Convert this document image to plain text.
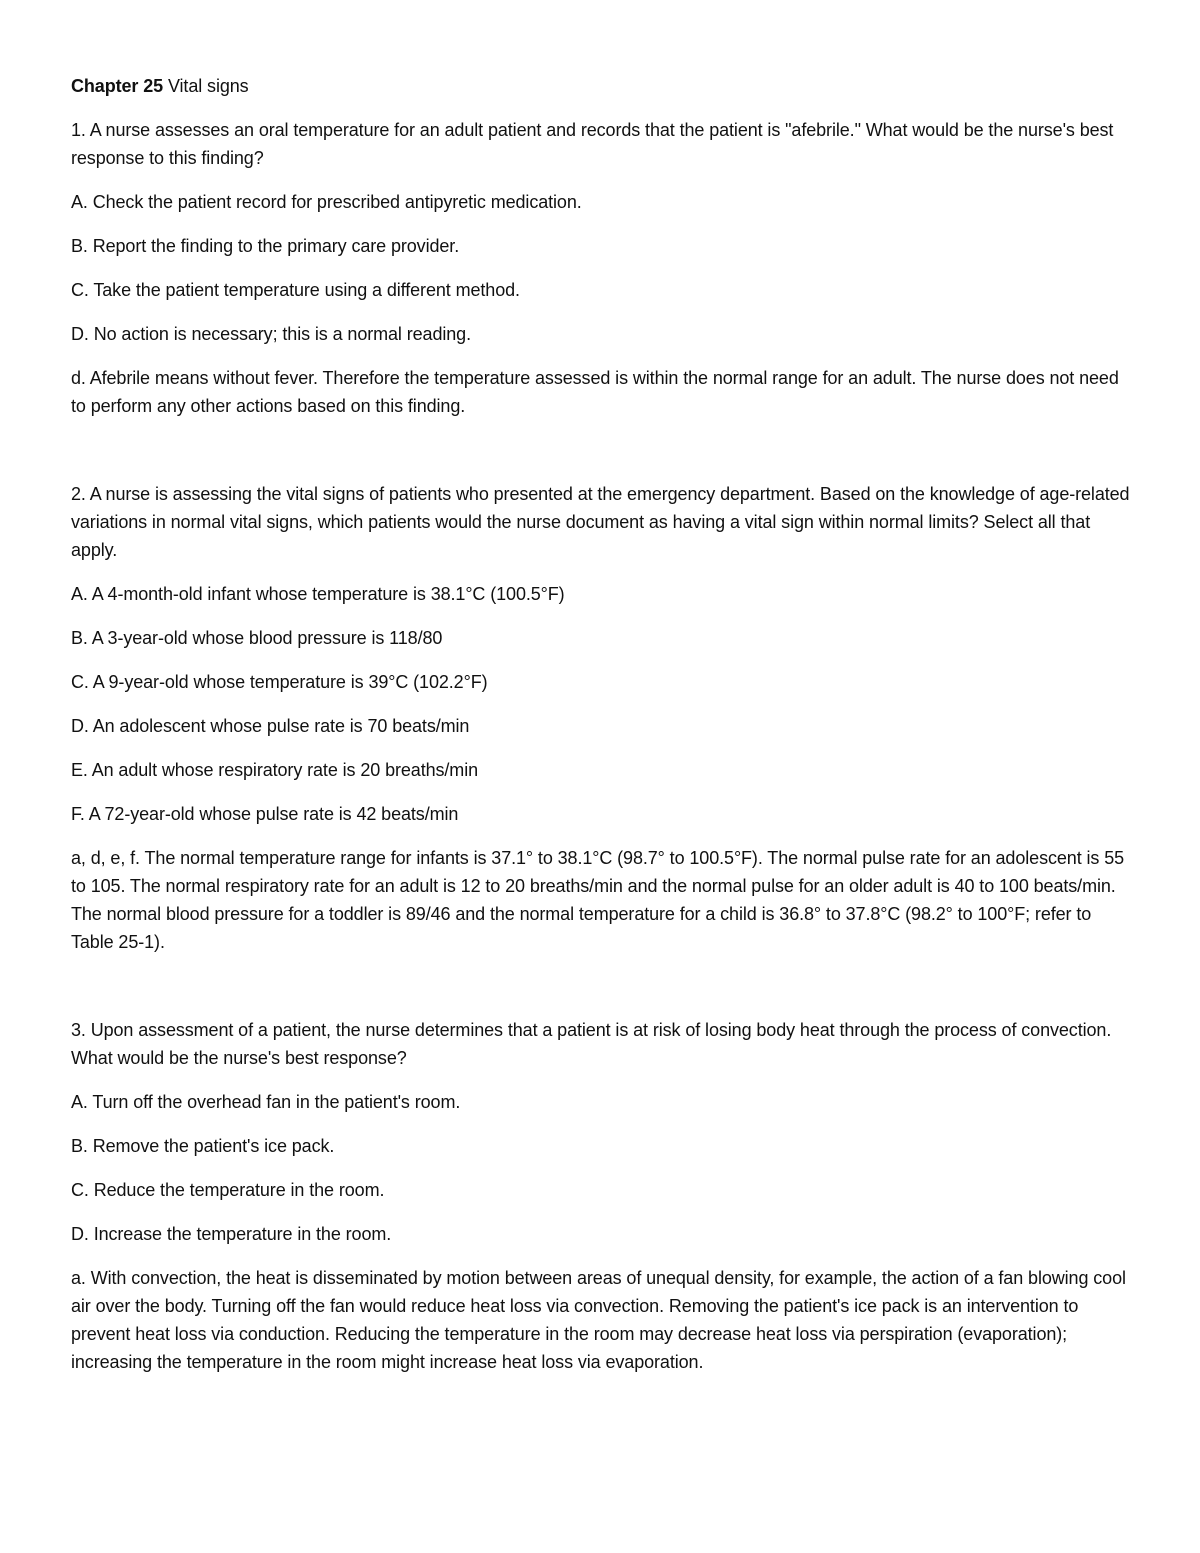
Chapter 25 Vital signs

1. A nurse assesses an oral temperature for an adult patient and records that the patient is "afebrile." What would be the nurse's best response to this finding?

A. Check the patient record for prescribed antipyretic medication.

B. Report the finding to the primary care provider.

C. Take the patient temperature using a different method.

D. No action is necessary; this is a normal reading.

d. Afebrile means without fever. Therefore the temperature assessed is within the normal range for an adult. The nurse does not need to perform any other actions based on this finding.

2. A nurse is assessing the vital signs of patients who presented at the emergency department. Based on the knowledge of age-related variations in normal vital signs, which patients would the nurse document as having a vital sign within normal limits? Select all that apply.

A. A 4-month-old infant whose temperature is 38.1°C (100.5°F)

B. A 3-year-old whose blood pressure is 118/80

C. A 9-year-old whose temperature is 39°C (102.2°F)

D. An adolescent whose pulse rate is 70 beats/min

E. An adult whose respiratory rate is 20 breaths/min

F. A 72-year-old whose pulse rate is 42 beats/min

a, d, e, f. The normal temperature range for infants is 37.1° to 38.1°C (98.7° to 100.5°F). The normal pulse rate for an adolescent is 55 to 105. The normal respiratory rate for an adult is 12 to 20 breaths/min and the normal pulse for an older adult is 40 to 100 beats/min. The normal blood pressure for a toddler is 89/46 and the normal temperature for a child is 36.8° to 37.8°C (98.2° to 100°F; refer to Table 25-1).

3. Upon assessment of a patient, the nurse determines that a patient is at risk of losing body heat through the process of convection. What would be the nurse's best response?

A. Turn off the overhead fan in the patient's room.

B. Remove the patient's ice pack.

C. Reduce the temperature in the room.

D. Increase the temperature in the room.

a. With convection, the heat is disseminated by motion between areas of unequal density, for example, the action of a fan blowing cool air over the body. Turning off the fan would reduce heat loss via convection. Removing the patient's ice pack is an intervention to prevent heat loss via conduction. Reducing the temperature in the room may decrease heat loss via perspiration (evaporation); increasing the temperature in the room might increase heat loss via evaporation.
